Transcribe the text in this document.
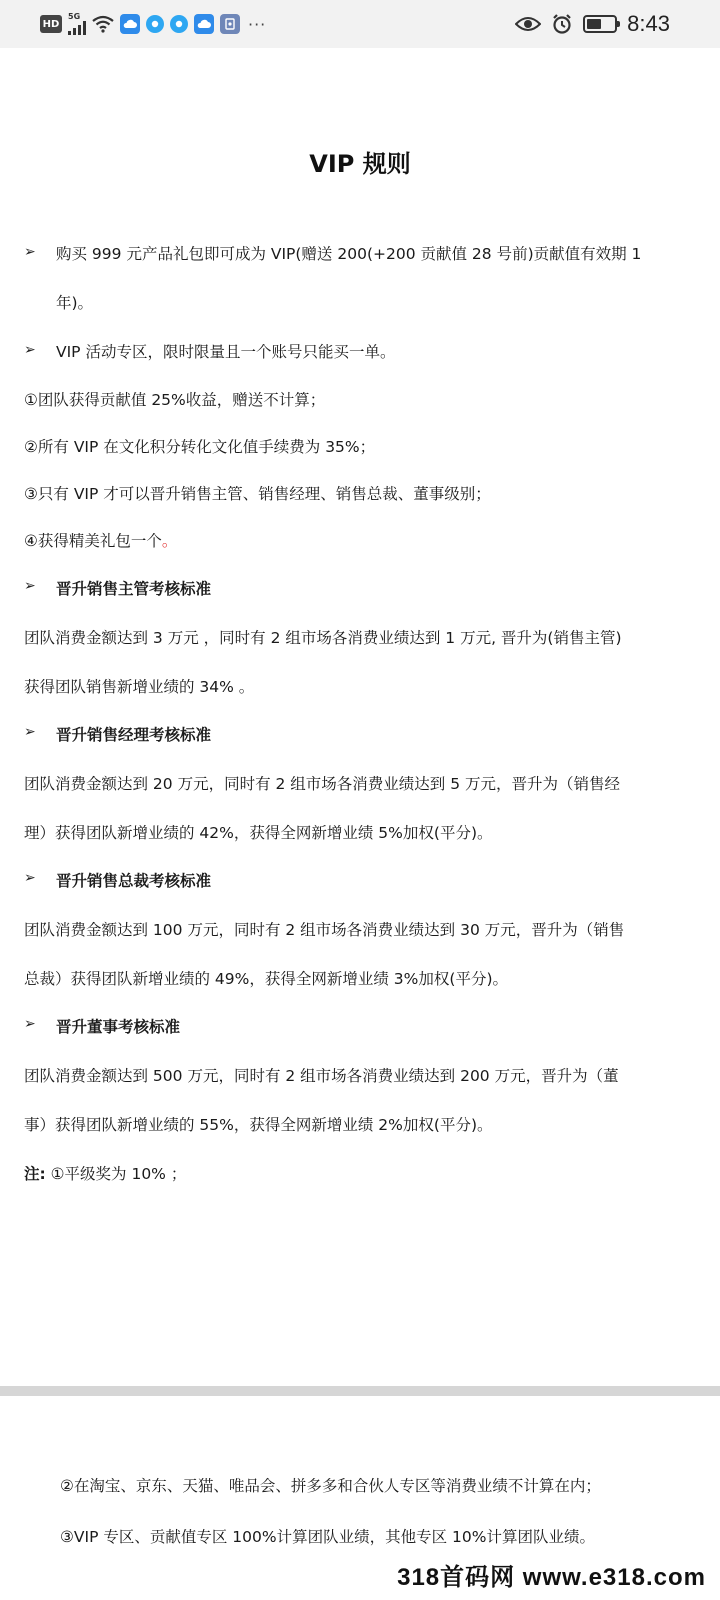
HD
5G	···	8:43
VIP 规则
➢ 购买 999 元产品礼包即可成为 VIP(赠送 200(+200 贡献值 28 号前)贡献值有效期 1
年)。
➢ VIP 活动专区，限时限量且一个账号只能买一单。
①团队获得贡献值 25%收益，赠送不计算；
②所有 VIP 在文化积分转化文化值手续费为 35%；
③只有 VIP 才可以晋升销售主管、销售经理、销售总裁、董事级别；
④获得精美礼包一个。
➢ 晋升销售主管考核标准
团队消费金额达到 3 万元 ，同时有 2 组市场各消费业绩达到 1 万元, 晋升为(销售主管)
获得团队销售新增业绩的 34% 。
➢ 晋升销售经理考核标准
团队消费金额达到 20 万元，同时有 2 组市场各消费业绩达到 5 万元，晋升为（销售经
理）获得团队新增业绩的 42%，获得全网新增业绩 5%加权(平分)。
➢ 晋升销售总裁考核标准
团队消费金额达到 100 万元，同时有 2 组市场各消费业绩达到 30 万元，晋升为（销售
总裁）获得团队新增业绩的 49%，获得全网新增业绩 3%加权(平分)。
➢ 晋升董事考核标准
团队消费金额达到 500 万元，同时有 2 组市场各消费业绩达到 200 万元，晋升为（董
事）获得团队新增业绩的 55%，获得全网新增业绩 2%加权(平分)。
注: ①平级奖为 10% ；
②在淘宝、京东、天猫、唯品会、拼多多和合伙人专区等消费业绩不计算在内；
③VIP 专区、贡献值专区 100%计算团队业绩，其他专区 10%计算团队业绩。
318首码网 www.e318.com
